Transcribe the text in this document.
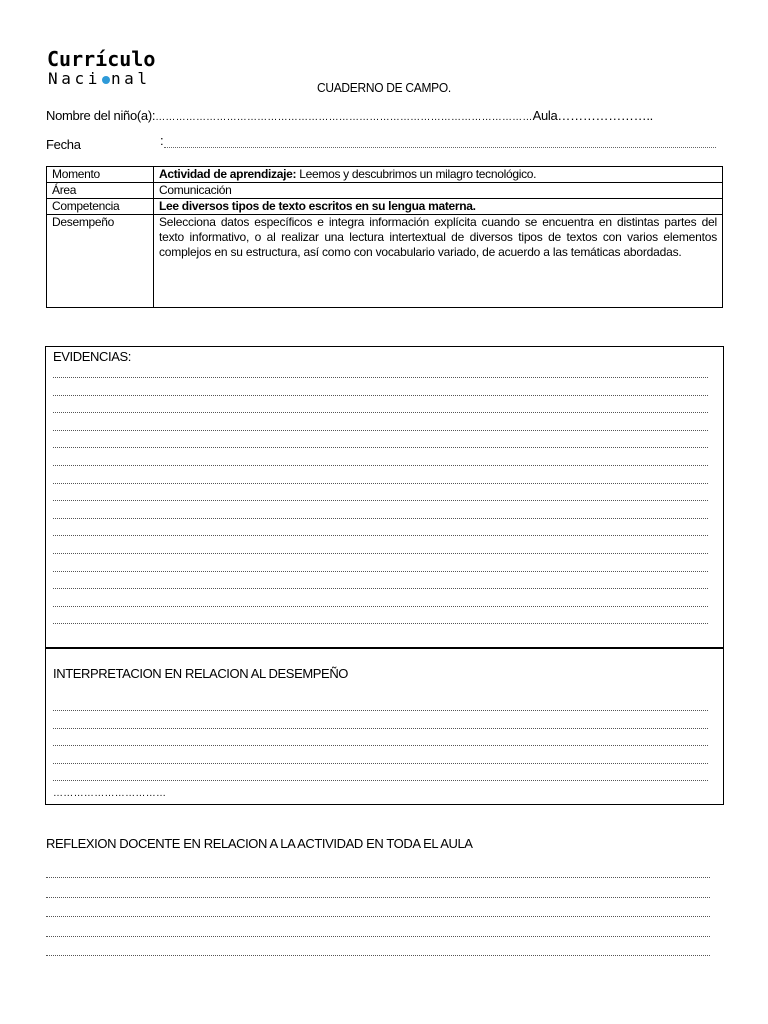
Currículo
Naci nal	CUADERNO DE CAMPO.
Nombre del niño(a):…………………………………………………………………………………………………Aula…………………..
Fecha	:
Momento	Actividad de aprendizaje: Leemos y descubrimos un milagro tecnológico.
Área	Comunicación
Competencia	Lee diversos tipos de texto escritos en su lengua materna.
Desempeño	Selecciona datos específicos e integra información explícita cuando se encuentra en distintas partes del texto informativo, o al realizar una lectura intertextual de diversos tipos de textos con varios elementos complejos en su estructura, así como con vocabulario variado, de acuerdo a las temáticas abordadas.
EVIDENCIAS:
INTERPRETACION EN RELACION AL DESEMPEÑO
……………………………
REFLEXION DOCENTE EN RELACION A LA ACTIVIDAD EN TODA EL AULA
